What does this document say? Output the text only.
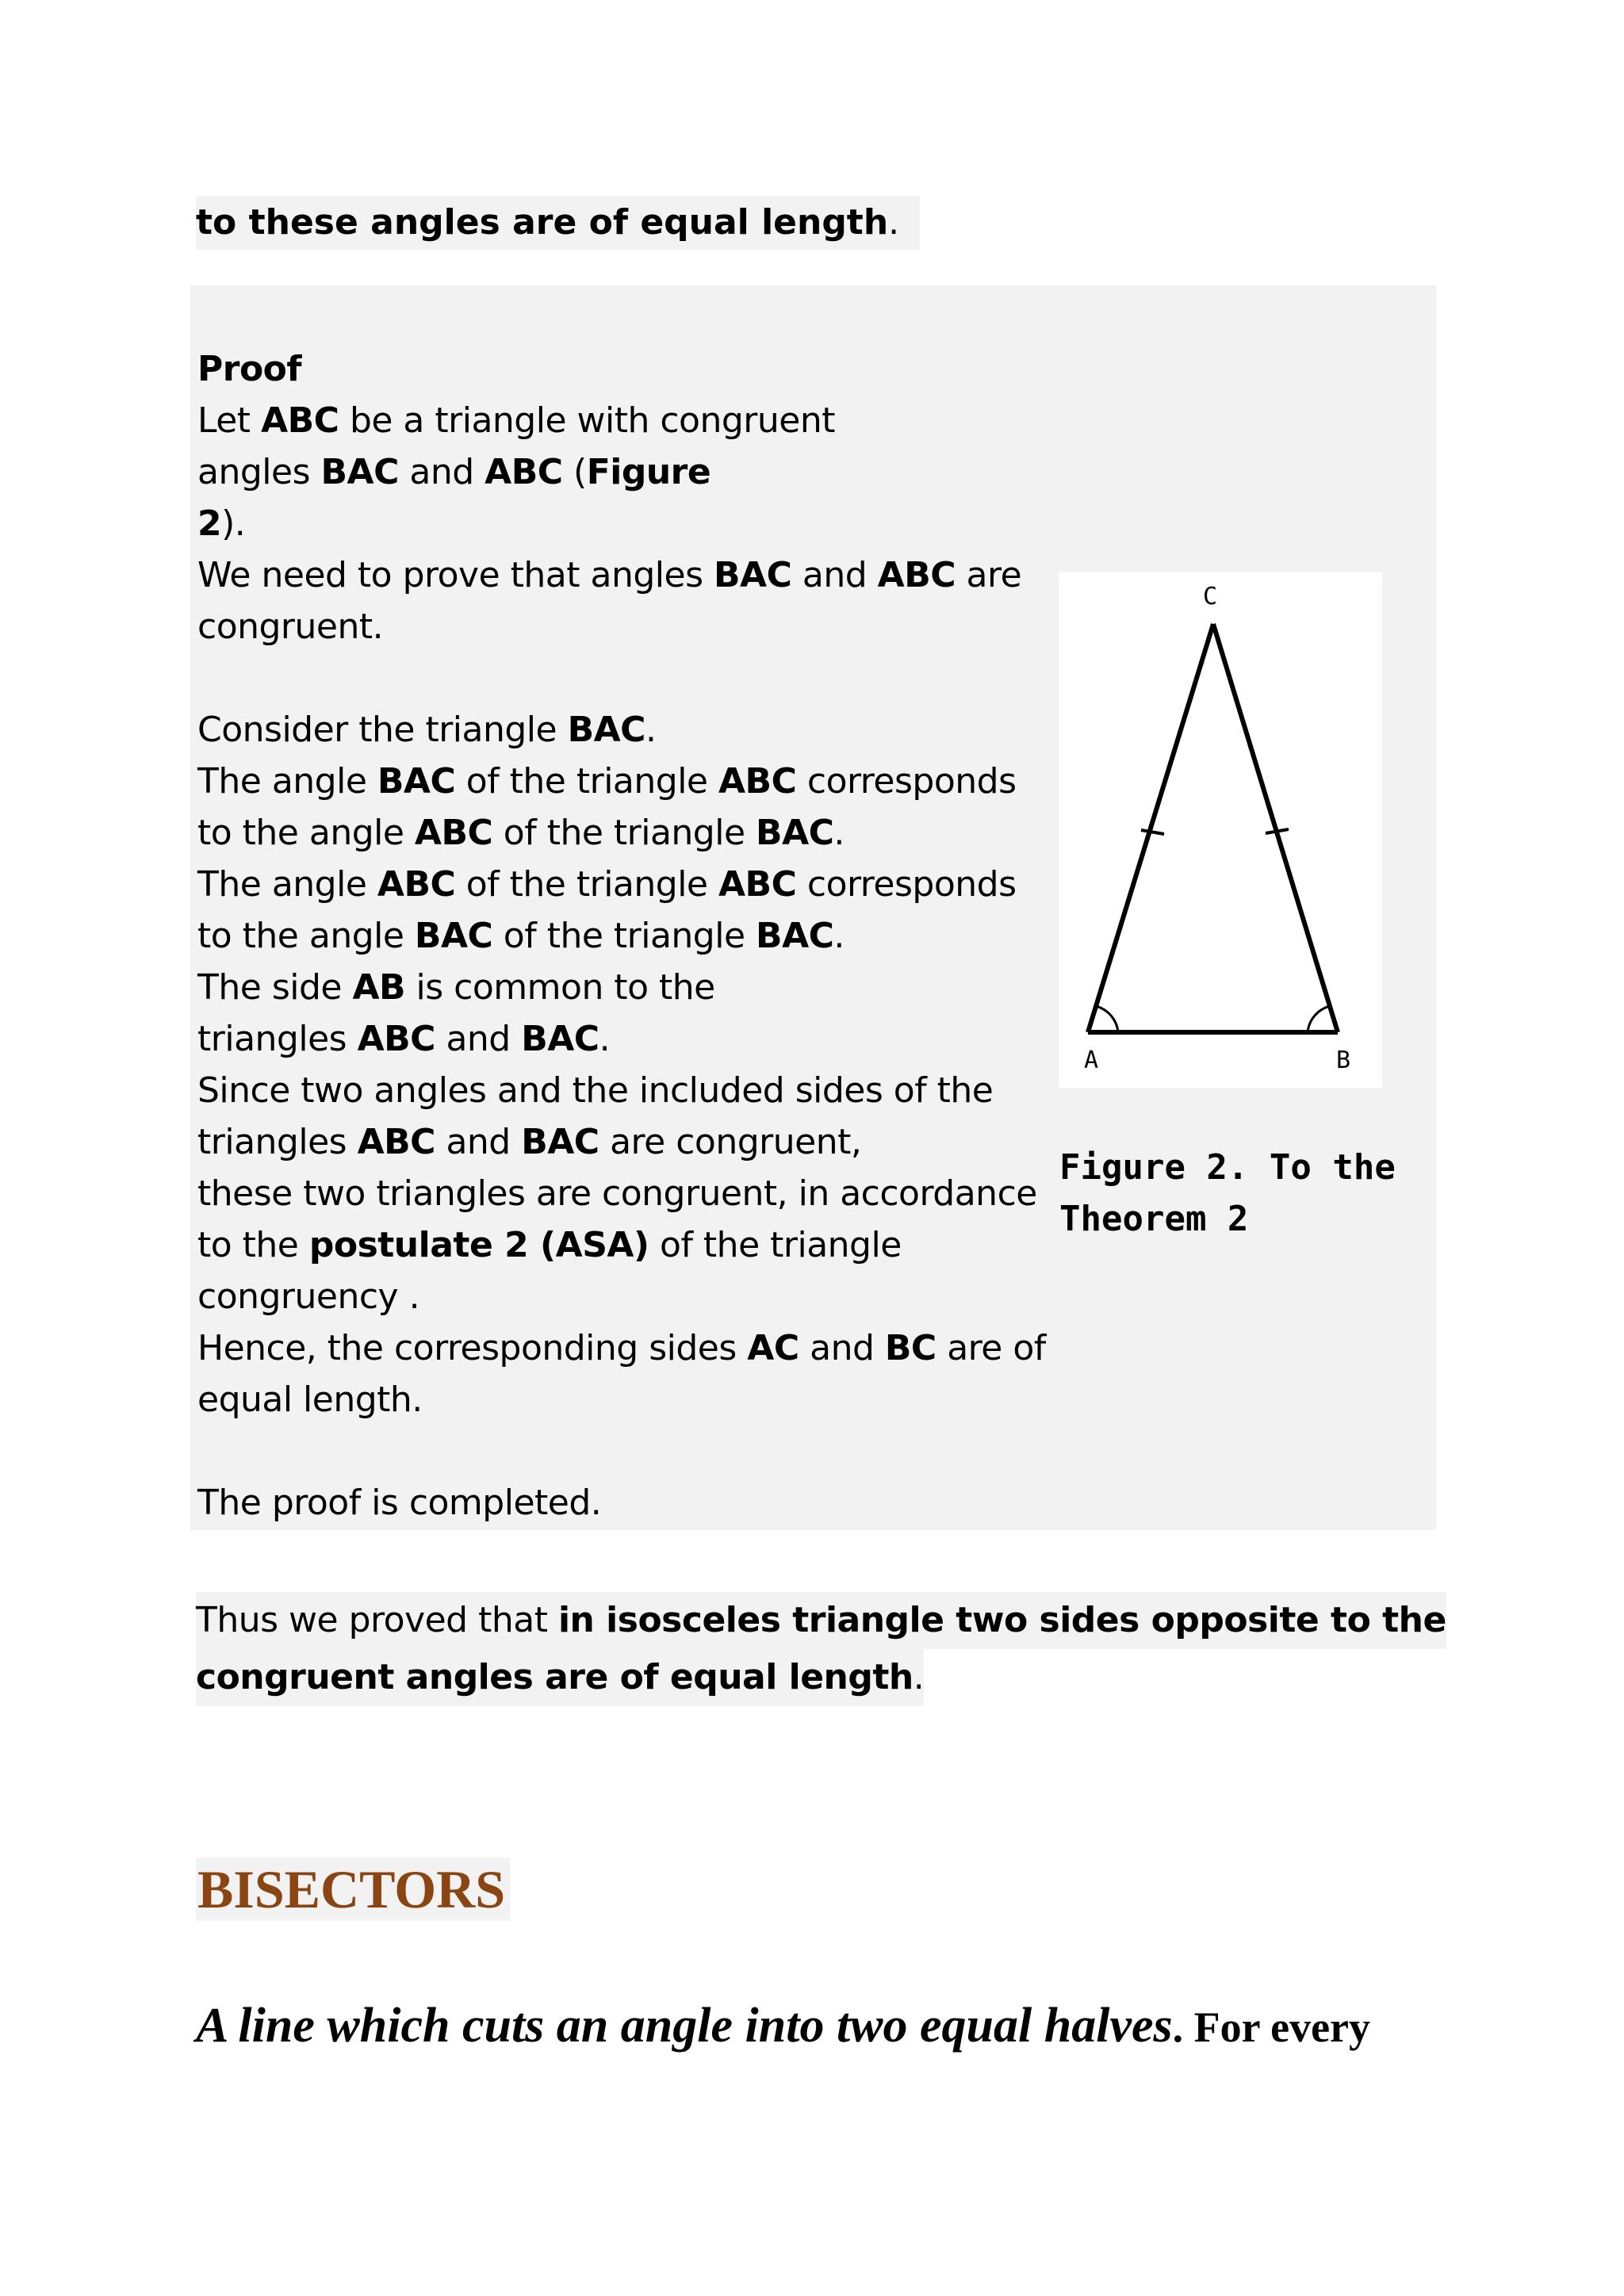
to these angles are of equal length.
Proof
Let ABC be a triangle with congruent
angles BAC and ABC (Figure
2).
We need to prove that angles BAC and ABC are
congruent.
Consider the triangle BAC.
The angle BAC of the triangle ABC corresponds
to the angle ABC of the triangle BAC.
The angle ABC of the triangle ABC corresponds
to the angle BAC of the triangle BAC.
The side AB is common to the
triangles ABC and BAC.
Since two angles and the included sides of the
triangles ABC and BAC are congruent,
these two triangles are congruent, in accordance
to the postulate 2 (ASA) of the triangle
congruency .
Hence, the corresponding sides AC and BC are of
equal length.
The proof is completed.
C
A	B
Figure 2. To the
Theorem 2
Thus we proved that in isosceles triangle two sides opposite to the
congruent angles are of equal length.
BISECTORS
A line which cuts an angle into two equal halves. For every
